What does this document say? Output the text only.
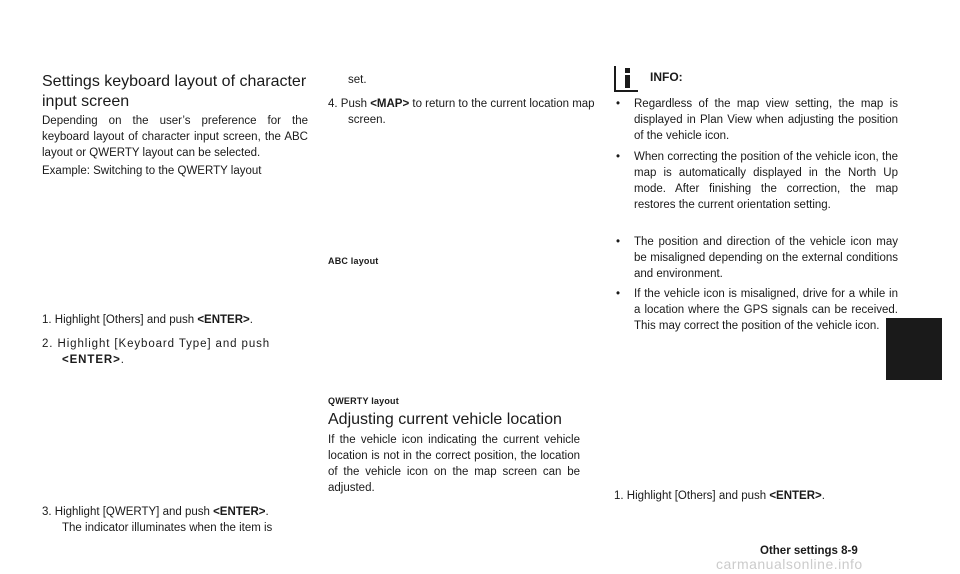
Settings keyboard layout of character
input screen

Depending on the user’s preference for the keyboard layout of character input screen, the ABC layout or QWERTY layout can be selected.

Example: Switching to the QWERTY layout

1. Highlight [Others] and push <ENTER>.
2. Highlight [Keyboard Type] and push <ENTER>.
3. Highlight [QWERTY] and push <ENTER>.
The indicator illuminates when the item is

set.

4. Push <MAP> to return to the current location map screen.
ABC layout
QWERTY layout
Adjusting current vehicle location

If the vehicle icon indicating the current vehicle location is not in the correct position, the location of the vehicle icon on the map screen can be adjusted.

INFO:
• Regardless of the map view setting, the map is displayed in Plan View when adjusting the position of the vehicle icon.
• When correcting the position of the vehicle icon, the map is automatically displayed in the North Up mode. After finishing the correction, the map restores the current orientation setting.
• The position and direction of the vehicle icon may be misaligned depending on the external conditions and environment.
• If the vehicle icon is misaligned, drive for a while in a location where the GPS signals can be received. This may correct the position of the vehicle icon.
1. Highlight [Others] and push <ENTER>.
Other settings 8-9
carmanualsonline.info
